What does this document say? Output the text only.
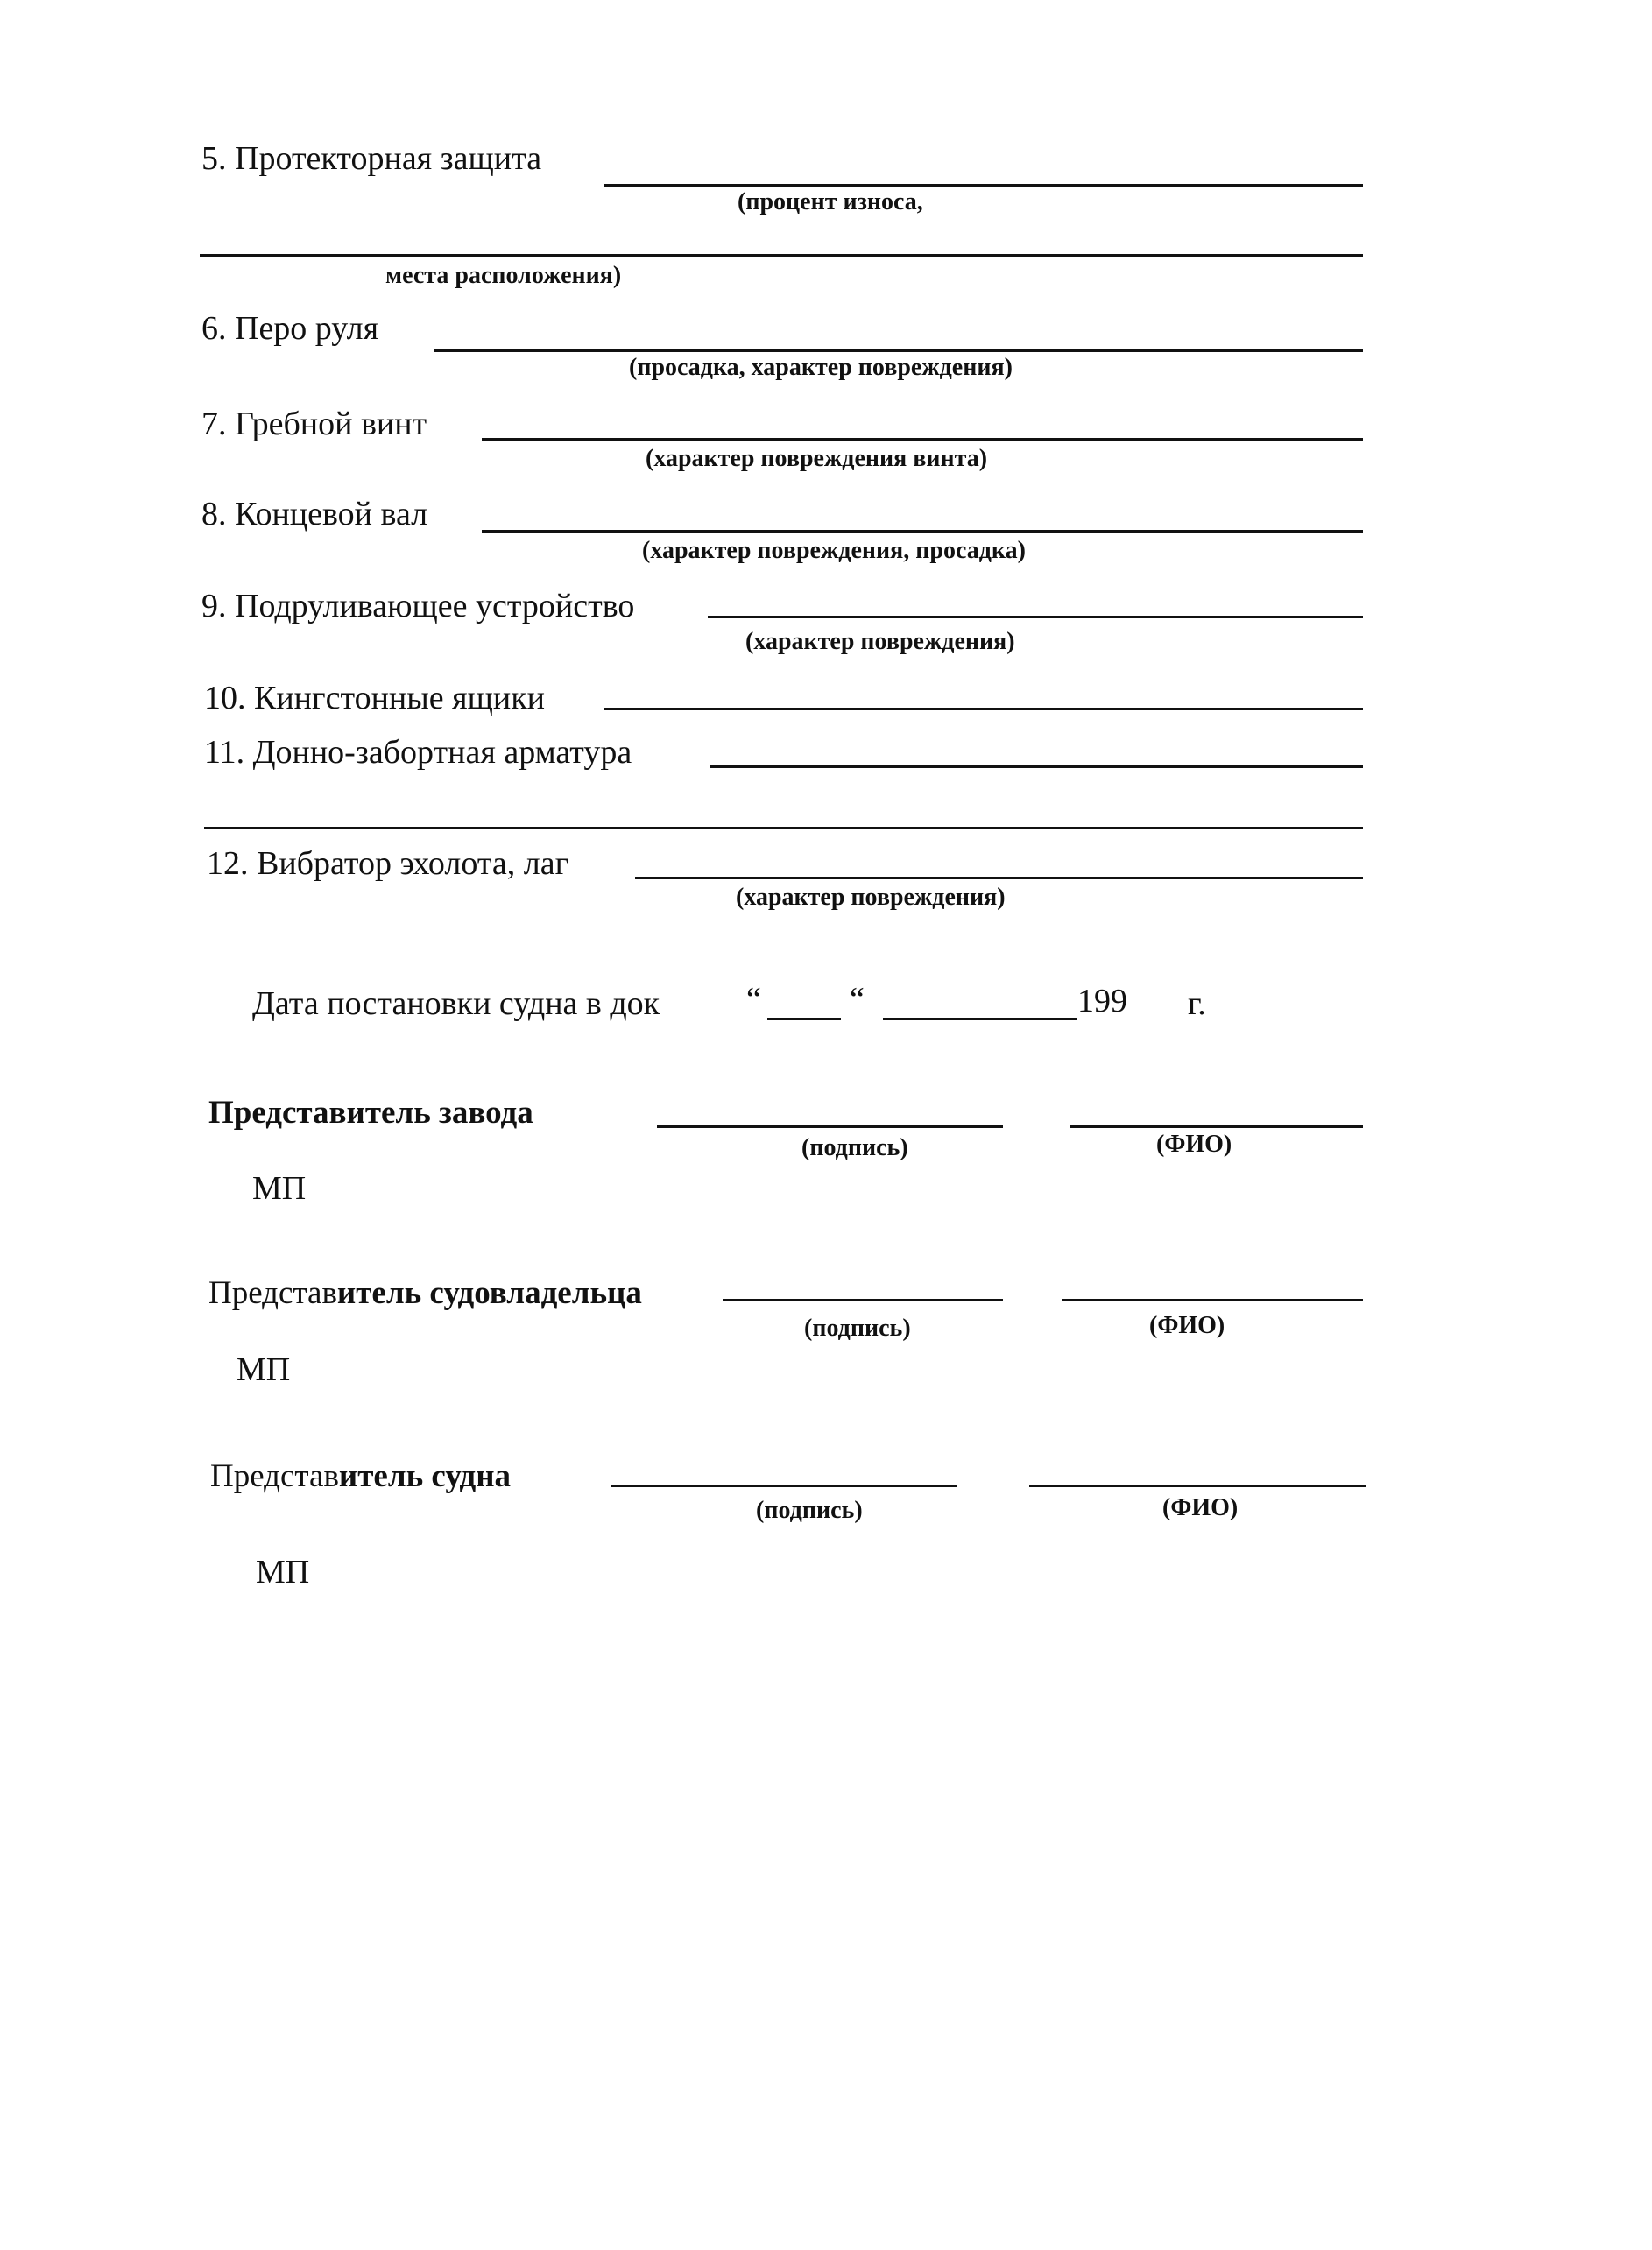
5. Протекторная защита
(процент износа,
места расположения)
6. Перо руля
(просадка, характер повреждения)
7. Гребной винт
(характер повреждения винта)
8. Концевой вал
(характер повреждения, просадка)
9. Подруливающее устройство
(характер повреждения)
10. Кингстонные ящики
11. Донно-забортная арматура
12. Вибратор эхолота, лаг
(характер повреждения)
Дата постановки судна в док	“	“	199 г.
Представитель завода
(подпись)	(ФИО)
МП
Представитель судовладельца
(подпись)	(ФИО)
МП
Представитель судна
(подпись)	(ФИО)
МП
